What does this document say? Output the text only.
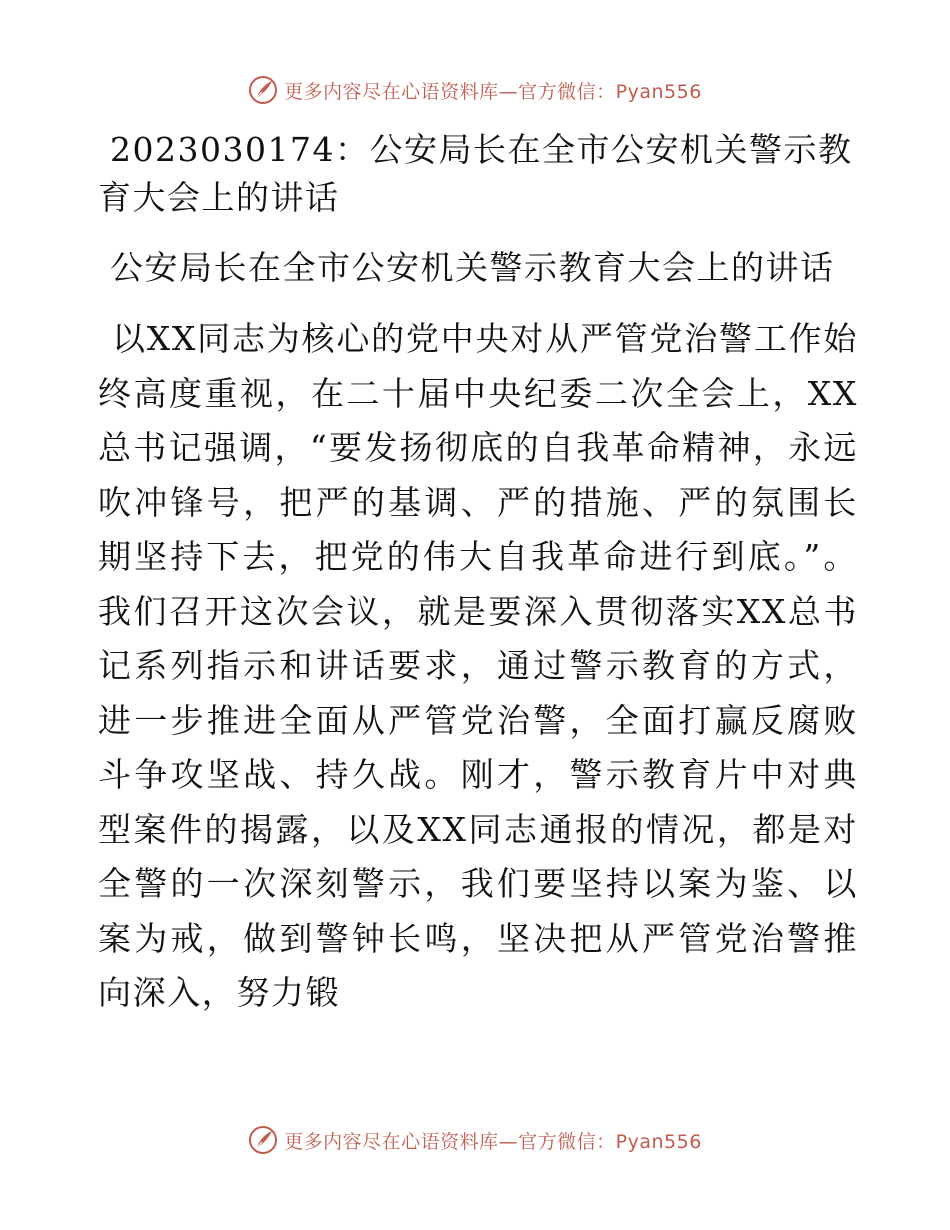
更多内容尽在心语资料库—官方微信：Pyan556
2023030174：公安局长在全市公安机关警示教育大会上的讲话
公安局长在全市公安机关警示教育大会上的讲话

以XX同志为核心的党中央对从严管党治警工作始终高度重视，在二十届中央纪委二次全会上，XX总书记强调，“要发扬彻底的自我革命精神，永远吹冲锋号，把严的基调、严的措施、严的氛围长期坚持下去，把党的伟大自我革命进行到底。”。我们召开这次会议，就是要深入贯彻落实XX总书记系列指示和讲话要求，通过警示教育的方式，进一步推进全面从严管党治警，全面打赢反腐败斗争攻坚战、持久战。刚才，警示教育片中对典型案件的揭露，以及XX同志通报的情况，都是对全警的一次深刻警示，我们要坚持以案为鉴、以案为戒，做到警钟长鸣，坚决把从严管党治警推向深入，努力锻

更多内容尽在心语资料库—官方微信：Pyan556
